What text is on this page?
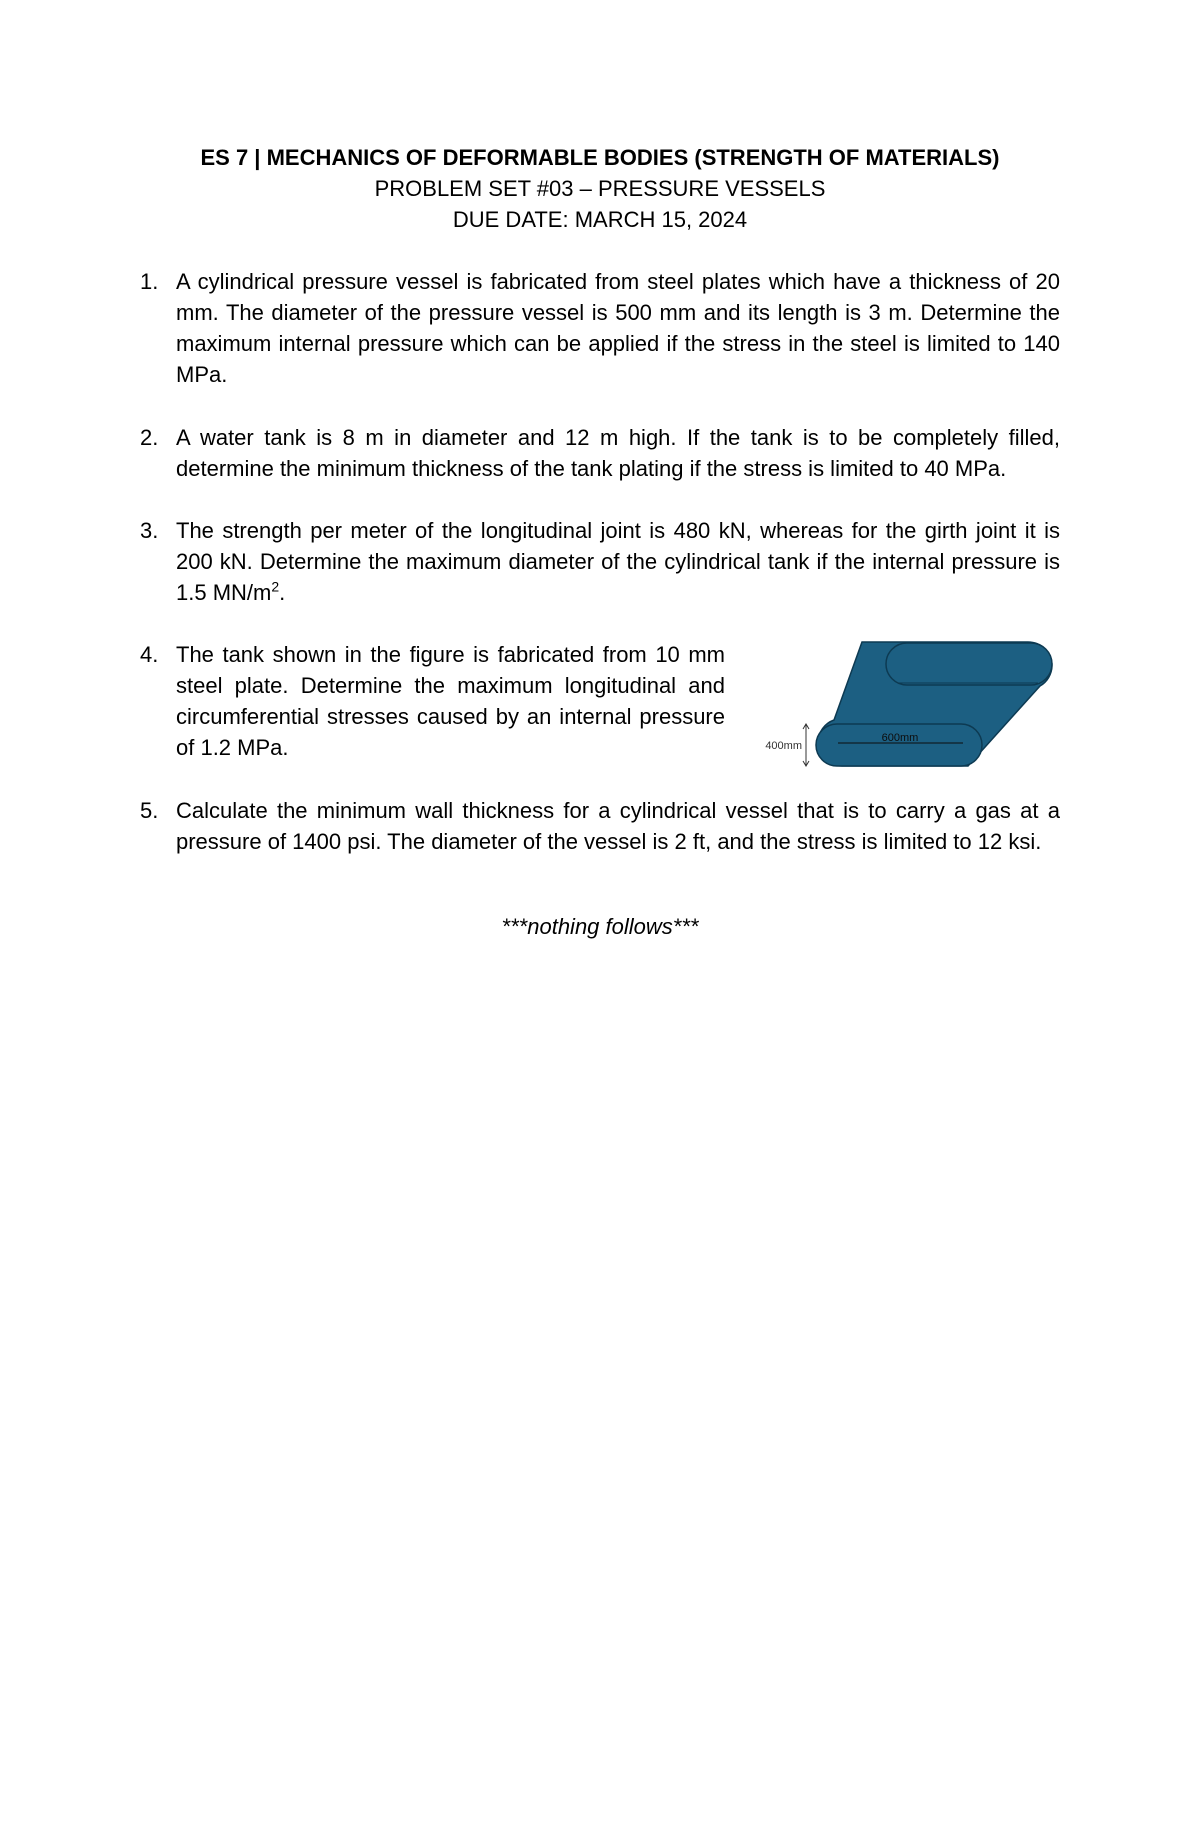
ES 7 | MECHANICS OF DEFORMABLE BODIES (STRENGTH OF MATERIALS)
PROBLEM SET #03 – PRESSURE VESSELS
DUE DATE: MARCH 15, 2024
1. A cylindrical pressure vessel is fabricated from steel plates which have a thickness of 20 mm. The diameter of the pressure vessel is 500 mm and its length is 3 m. Determine the maximum internal pressure which can be applied if the stress in the steel is limited to 140 MPa.
2. A water tank is 8 m in diameter and 12 m high. If the tank is to be completely filled, determine the minimum thickness of the tank plating if the stress is limited to 40 MPa.
3. The strength per meter of the longitudinal joint is 480 kN, whereas for the girth joint it is 200 kN. Determine the maximum diameter of the cylindrical tank if the internal pressure is 1.5 $MN/m^2$.
4. The tank shown in the figure is fabricated from 10 mm steel plate. Determine the maximum longitudinal and circumferential stresses caused by an internal pressure of 1.2 MPa.	600mm
400mm
5. Calculate the minimum wall thickness for a cylindrical vessel that is to carry a gas at a pressure of 1400 psi. The diameter of the vessel is 2 ft, and the stress is limited to 12 ksi.
***nothing follows***
